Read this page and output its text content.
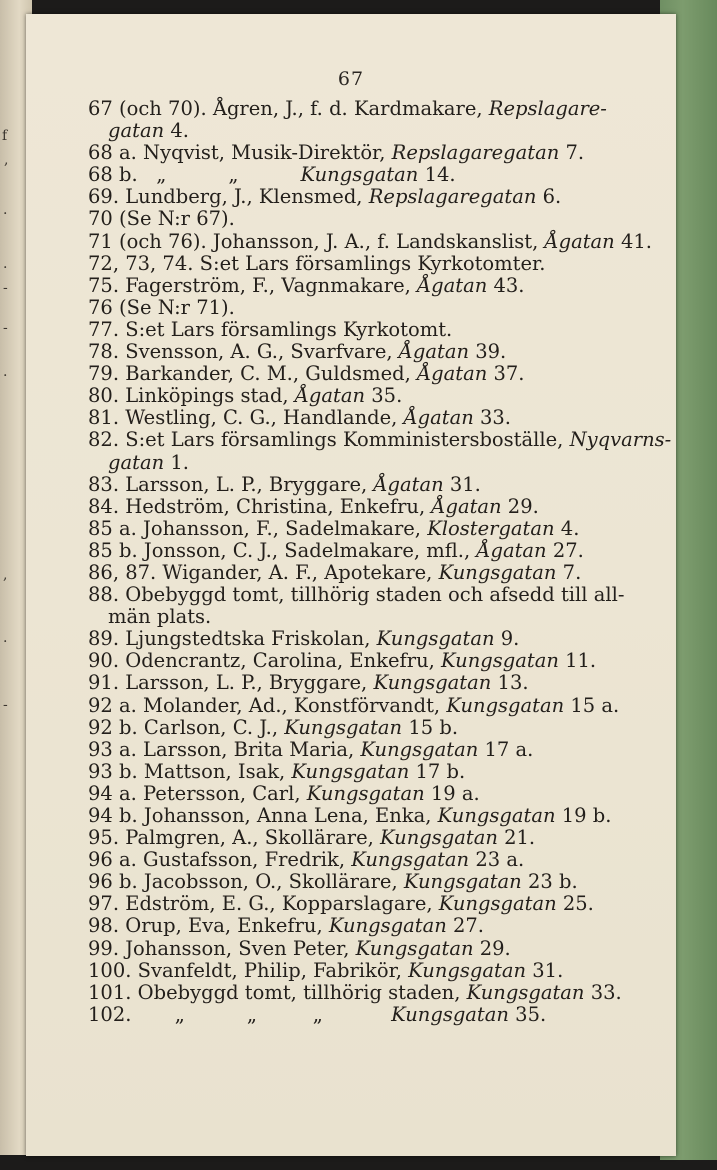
f
,
.
.
-
-
.
,
.
-
67
67 (och 70). Ågren, J., f. d. Kardmakare, Repslagare-
gatan 4.
68 a. Nyqvist, Musik-Direktör, Repslagaregatan 7.
68 b.   „          „          Kungsgatan 14.
69. Lundberg, J., Klensmed, Repslagaregatan 6.
70 (Se N:r 67).
71 (och 76). Johansson, J. A., f. Landskanslist, Ågatan 41.
72, 73, 74. S:et Lars församlings Kyrkotomter.
75. Fagerström, F., Vagnmakare, Ågatan 43.
76 (Se N:r 71).
77. S:et Lars församlings Kyrkotomt.
78. Svensson, A. G., Svarfvare, Ågatan 39.
79. Barkander, C. M., Guldsmed, Ågatan 37.
80. Linköpings stad, Ågatan 35.
81. Westling, C. G., Handlande, Ågatan 33.
82. S:et Lars församlings Komministersboställe, Nyqvarns-
gatan 1.
83. Larsson, L. P., Bryggare, Ågatan 31.
84. Hedström, Christina, Enkefru, Ågatan 29.
85 a. Johansson, F., Sadelmakare, Klostergatan 4.
85 b. Jonsson, C. J., Sadelmakare, mfl., Ågatan 27.
86, 87. Wigander, A. F., Apotekare, Kungsgatan 7.
88. Obebyggd tomt, tillhörig staden och afsedd till all-
män plats.
89. Ljungstedtska Friskolan, Kungsgatan 9.
90. Odencrantz, Carolina, Enkefru, Kungsgatan 11.
91. Larsson, L. P., Bryggare, Kungsgatan 13.
92 a. Molander, Ad., Konstförvandt, Kungsgatan 15 a.
92 b. Carlson, C. J., Kungsgatan 15 b.
93 a. Larsson, Brita Maria, Kungsgatan 17 a.
93 b. Mattson, Isak, Kungsgatan 17 b.
94 a. Petersson, Carl, Kungsgatan 19 a.
94 b. Johansson, Anna Lena, Enka, Kungsgatan 19 b.
95. Palmgren, A., Skollärare, Kungsgatan 21.
96 a. Gustafsson, Fredrik, Kungsgatan 23 a.
96 b. Jacobsson, O., Skollärare, Kungsgatan 23 b.
97. Edström, E. G., Kopparslagare, Kungsgatan 25.
98. Orup, Eva, Enkefru, Kungsgatan 27.
99. Johansson, Sven Peter, Kungsgatan 29.
100. Svanfeldt, Philip, Fabrikör, Kungsgatan 31.
101. Obebyggd tomt, tillhörig staden, Kungsgatan 33.
102.       „          „         „           Kungsgatan 35.
